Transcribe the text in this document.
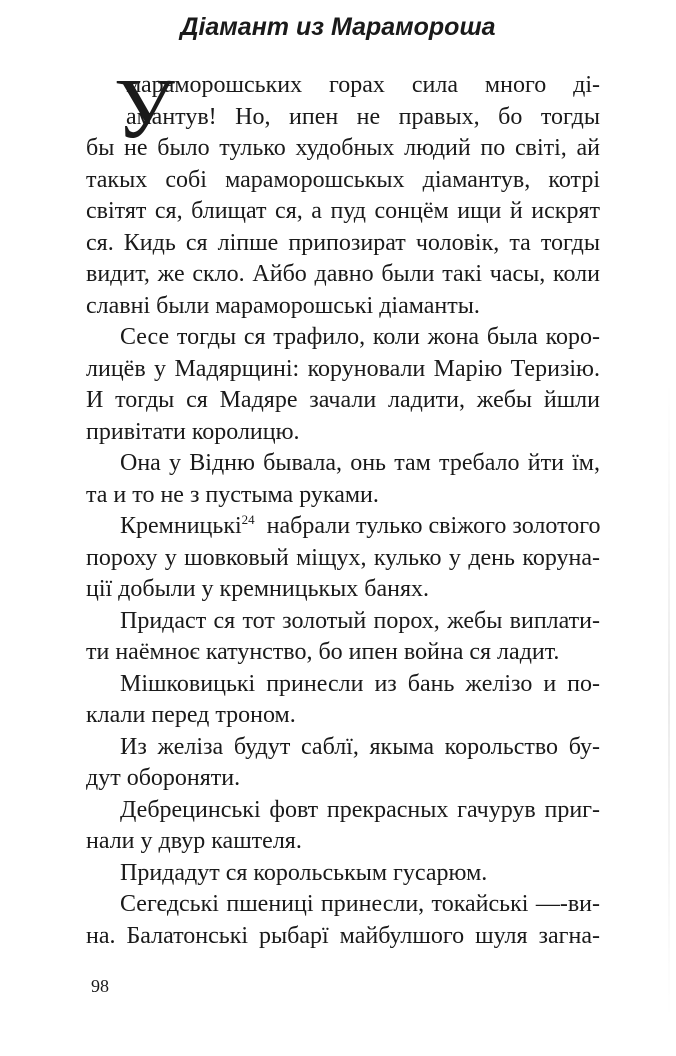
Діамант из Марамороша
У
мараморошських горах сила много ді-
амантув! Но, ипен не правых, бо тогды
бы не было тулько худобных людий по світі, ай
такых собі мараморошськых діамантув, котрі
світят ся, блищат ся, а пуд сонцём ищи й искрят
ся. Кидь ся ліпше припозират чоловік, та тогды
видит, же скло. Айбо давно были такі часы, коли
славні были мараморошські діаманты.
Сесе тогды ся трафило, коли жона была коро-
лицёв у Мадярщині: коруновали Марію Теризію.
И тогды ся Мадяре зачали ладити, жебы йшли
привітати королицю.
Она у Відню бывала, онь там требало йти їм,
та и то не з пустыма руками.
Кремницькі$^{24}$  набрали тулько свіжого золотого
пороху у шовковый міщух, кулько у день коруна-
ції добыли у кремницькых банях.
Придаст ся тот золотый порох, жебы виплати-
ти наёмноє катунство, бо ипен война ся ладит.
Мішковицькі принесли из бань желізо и по-
клали перед троном.
Из желіза будут саблї, якыма корольство бу-
дут обороняти.
Дебрецинські фовт прекрасных гачурув приг-
нали у двур каштеля.
Придадут ся корольськым гусарюм.
Сегедські пшениці принесли, токайські —-ви-
на. Балатонські рыбарї майбулшого шуля загна-
98
